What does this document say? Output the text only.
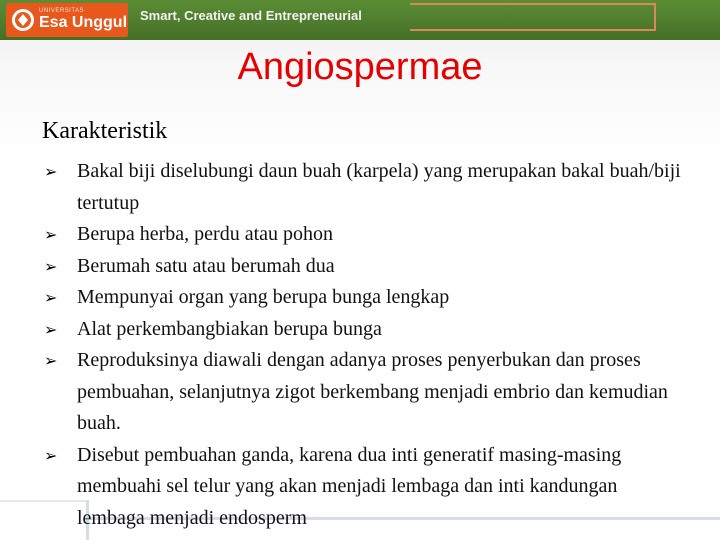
UNIVERSITAS
Esa Unggul Smart, Creative and Entrepreneurial
Angiospermae
Karakteristik
➢ Bakal biji diselubungi daun buah (karpela) yang merupakan bakal buah/biji tertutup
➢ Berupa herba, perdu atau pohon
➢ Berumah satu atau berumah dua
➢ Mempunyai organ yang berupa bunga lengkap
➢ Alat perkembangbiakan berupa bunga
➢ Reproduksinya diawali dengan adanya proses penyerbukan dan proses pembuahan, selanjutnya zigot berkembang menjadi embrio dan kemudian buah.
➢ Disebut pembuahan ganda, karena dua inti generatif masing-masing membuahi sel telur yang akan menjadi lembaga dan inti kandungan lembaga menjadi endosperm
